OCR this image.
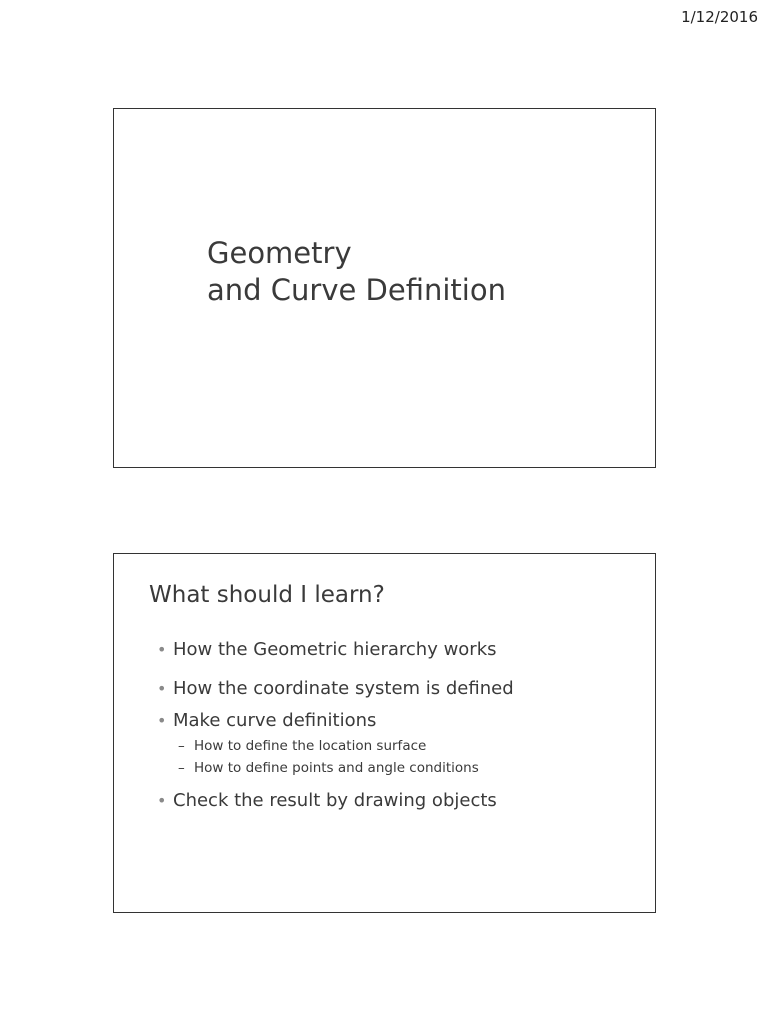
1/12/2016
Geometry
and Curve Definition
What should I learn?
• How the Geometric hierarchy works
• How the coordinate system is defined
• Make curve definitions
– How to define the location surface
– How to define points and angle conditions
• Check the result by drawing objects
